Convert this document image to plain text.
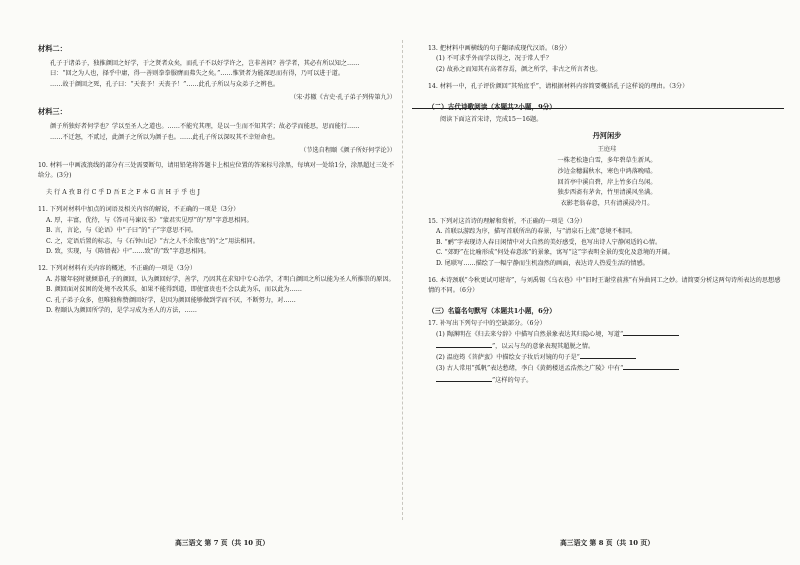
材料二：

孔子于诸弟子，独推颜回之好学，于之贤者众矣，而孔子不以好学许之，岂非善问？善学者，其必有所以知之……

曰：“回之为人也，择乎中庸，得一善则拳拳服膺而弗失之矣。”……惟贤者为能深思而有得，乃可以进于道。

……故于颜回之死，孔子曰：“天丧予！天丧予！”……此孔子所以与众弟子之辨也。

（宋·苏辙《古史·孔子弟子列传第九》）

材料三：

颜子所独好者何学也？学以至圣人之道也。……不能究其理，是以一生而不知其学；故必学而能思，思而能行……

……不迁怒，不贰过，此颜子之所以为颜子也。……此孔子所以深叹其不幸短命也。

（节选自程颐《颜子所好何学论》）

10. 材料一中画波浪线的部分有三处需要断句，请用铅笔将答题卡上相应位置的答案标号涂黑，每填对一处给1分，涂黑超过三处不给分。(3分)

夫 行 A 孜 B 行 C 乎 D 吾 E 之 F 本 G 言 H 于 乎 也 J

11. 下列对材料中加点的词语及相关内容的解说，不正确的一项是（3分）

A. 厚，丰富，优待，与《答司马谏议书》“蒙君实见厚”的“厚”字意思相同。
B. 言，言论，与《论语》中“子曰”的“子”字意思不同。
C. 之，定语后置的标志，与《石钟山记》“古之人不余欺也”的“之”用法相同。
D. 致，实现，与《陈情表》中“……致”的“致”字意思相同。

12. 下列对材料有关内容的概述，不正确的一项是（3分）

A. 苏辙年轻时就倾慕孔子的颜回，认为颜回好学，善学，乃因其在求知中专心治学，才明白颜回之所以能为圣人所推崇的原因。
B. 颜回面对贫困的处境不改其乐，如果不能得到道，即使富贵也不会以此为乐，而以此为……
C. 孔子弟子众多，但唯独称赞颜回好学，是因为颜回能够做到学而不厌，不断努力，对……
D. 程颐认为颜回所学的，是学习成为圣人的方法，……

13. 把材料中画横线的句子翻译成现代汉语。（8分）

(1) 不可求乎外而学以得之，况于常人乎？
(2) 故孙之而知其有高者存焉，颜之所学，非古之所言者也。

14. 材料一中，孔子评价颜回“其殆庶乎”，请根据材料内容简要概括孔子这样说的理由。（3分）

（二）古代诗歌阅读（本题共2小题，9分）

阅读下面这首宋诗，完成15～16题。

丹河闲步

王庭珪

一株老松逢白雪，多年碧草生新风。
沙边金穗漏秋水，寒色中鸿落晚晴。
回首亭中溪自碧，岸上竹多白鸟闲。
独步西斋有茅舍，竹里清溪风坐满。
衣影老翁春意，只有清溪浸冷月。

15. 下列对这首诗的理解和赏析，不正确的一项是（3分）

A. 首联以游踪为序，描写首联所出的春景，与“清泉石上流”意境不相同。
B. “鹂”字表现诗人春日闲情中对大自然的美好感受，也写出诗人宁静闲适的心情。
C. “郊野”在比喻形成“何处春意浓”的景象，寓写“这”字表明全景的变化及意境的开阔。
D. 尾联写……描绘了一幅宁静而生机盎然的画面，表达诗人热爱生活的情感。

16. 本诗颈联“今秋更试可堪寄”，与刘禹锡《乌衣巷》中“旧时王谢堂前燕”有异曲同工之妙。请简要分析这两句诗所表达的思想感情的不同。（6分）

（三）名篇名句默写（本题共1小题，6分）

17. 补写出下列句子中的空缺部分。（6分）

(1) 陶渊明在《归去来兮辞》中描写自然景象表达其归隐心境，写道“
”，以云与鸟的意象表现其超脱之情。
(2) 温庭筠《菩萨蛮》中描绘女子妆后对镜的句子是“
(3) 古人常用“孤帆”表达愁绪，李白《黄鹤楼送孟浩然之广陵》中有“
”这样的句子。
高三语文 第 7 页（共 10 页）	高三语文 第 8 页（共 10 页）
